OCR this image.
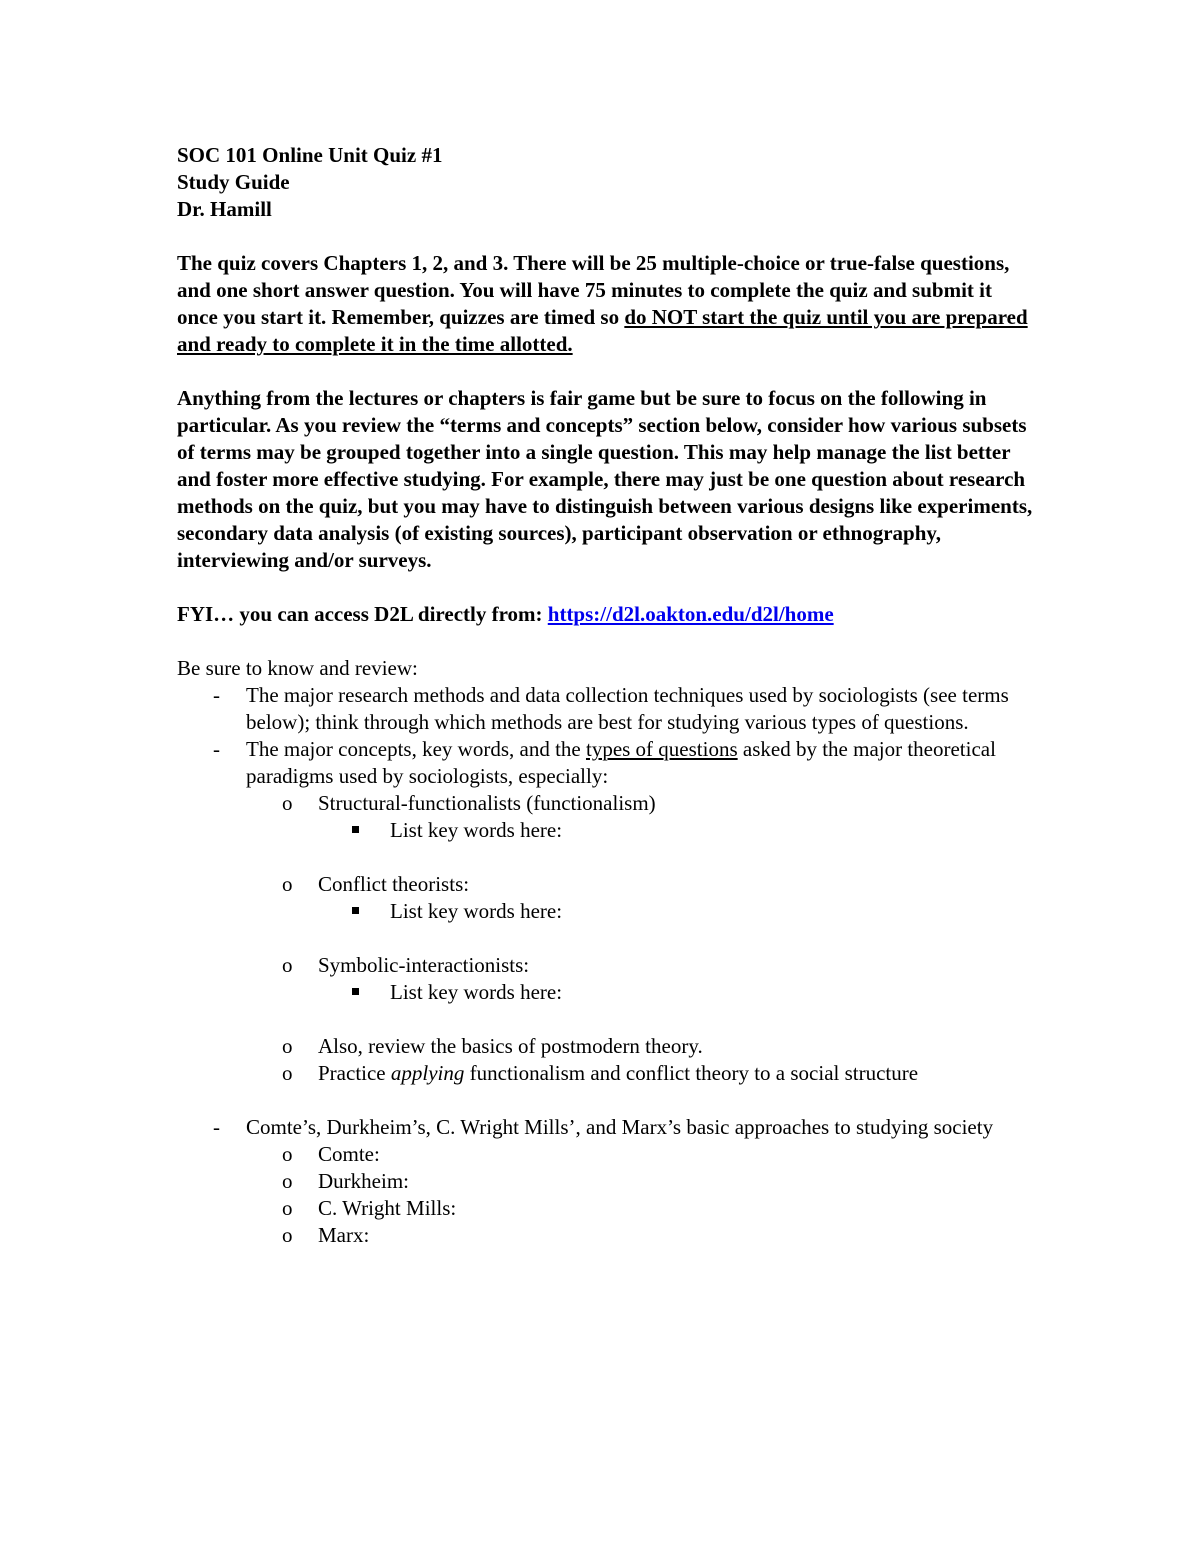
SOC 101 Online Unit Quiz #1

Study Guide

Dr. Hamill

The quiz covers Chapters 1, 2, and 3. There will be 25 multiple-choice or true-false questions, and one short answer question. You will have 75 minutes to complete the quiz and submit it once you start it. Remember, quizzes are timed so do NOT start the quiz until you are prepared and ready to complete it in the time allotted.

Anything from the lectures or chapters is fair game but be sure to focus on the following in particular. As you review the “terms and concepts” section below, consider how various subsets of terms may be grouped together into a single question. This may help manage the list better and foster more effective studying. For example, there may just be one question about research methods on the quiz, but you may have to distinguish between various designs like experiments, secondary data analysis (of existing sources), participant observation or ethnography, interviewing and/or surveys.

FYI… you can access D2L directly from: https://d2l.oakton.edu/d2l/home

Be sure to know and review:

- The major research methods and data collection techniques used by sociologists (see terms below); think through which methods are best for studying various types of questions.
- The major concepts, key words, and the types of questions asked by the major theoretical paradigms used by sociologists, especially:
o Structural-functionalists (functionalism)
List key words here:
o Conflict theorists:
List key words here:
o Symbolic-interactionists:
List key words here:
o Also, review the basics of postmodern theory.
o Practice applying functionalism and conflict theory to a social structure
- Comte’s, Durkheim’s, C. Wright Mills’, and Marx’s basic approaches to studying society
o Comte:
o Durkheim:
o C. Wright Mills:
o Marx:
